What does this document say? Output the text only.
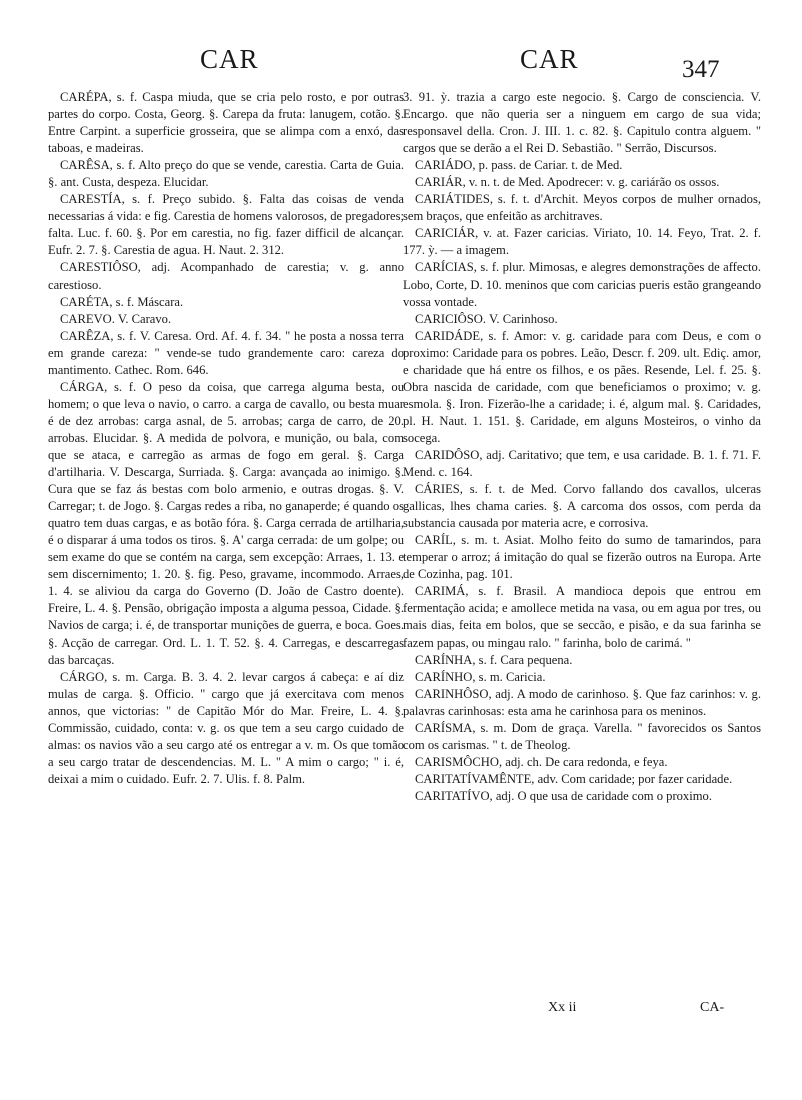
CAR	CAR	347

CARÉPA, s. f. Caspa miuda, que se cria pelo rosto, e por outras partes do corpo. Costa, Georg. §. Carepa da fruta: lanugem, cotão. §. Entre Carpint. a superficie grosseira, que se alimpa com a enxó, das taboas, e madeiras.

CARÊSA, s. f. Alto preço do que se vende, carestia. Carta de Guia. §. ant. Custa, despeza. Elucidar.

CARESTÍA, s. f. Preço subido. §. Falta das coisas de venda necessarias á vida: e fig. Carestia de homens valorosos, de pregadores; falta. Luc. f. 60. §. Por em carestia, no fig. fazer difficil de alcançar. Eufr. 2. 7. §. Carestia de agua. H. Naut. 2. 312.

CARESTIÔSO, adj. Acompanhado de carestia; v. g. anno carestioso.

CARÉTA, s. f. Máscara.

CAREVO. V. Caravo.

CARÊZA, s. f. V. Caresa. Ord. Af. 4. f. 34. " he posta a nossa terra em grande careza: " vende-se tudo grandemente caro: careza do mantimento. Cathec. Rom. 646.

CÁRGA, s. f. O peso da coisa, que carrega alguma besta, ou homem; o que leva o navio, o carro. a carga de cavallo, ou besta muar é de dez arrobas: carga asnal, de 5. arrobas; carga de carro, de 20. arrobas. Elucidar. §. A medida de polvora, e munição, ou bala, com que se ataca, e carregão as armas de fogo em geral. §. Carga d'artilharia. V. Descarga, Surriada. §. Carga: avançada ao inimigo. §. Cura que se faz ás bestas com bolo armenio, e outras drogas. §. V. Carregar; t. de Jogo. §. Cargas redes a riba, no ganaperde; é quando os quatro tem duas cargas, e as botão fóra. §. Carga cerrada de artilharia, é o disparar á uma todos os tiros. §. A' carga cerrada: de um golpe; ou sem exame do que se contém na carga, sem excepção: Arraes, 1. 13. e sem discernimento; 1. 20. §. fig. Peso, gravame, incommodo. Arraes, 1. 4. se aliviou da carga do Governo (D. João de Castro doente). Freire, L. 4. §. Pensão, obrigação imposta a alguma pessoa, Cidade. §. Navios de carga; i. é, de transportar munições de guerra, e boca. Goes. §. Acção de carregar. Ord. L. 1. T. 52. §. 4. Carregas, e descarregas das barcaças.

CÁRGO, s. m. Carga. B. 3. 4. 2. levar cargos á cabeça: e aí diz mulas de carga. §. Officio. " cargo que já exercitava com menos annos, que victorias: " de Capitão Mór do Mar. Freire, L. 4. §. Commissão, cuidado, conta: v. g. os que tem a seu cargo cuidado de almas: os navios vão a seu cargo até os entregar a v. m. Os que tomão a seu cargo tratar de descendencias. M. L. " A mim o cargo; " i. é, deixai a mim o cuidado. Eufr. 2. 7. Ulis. f. 8. Palm.

3. 91. ỳ. trazia a cargo este negocio. §. Cargo de consciencia. V. Encargo. que não queria ser a ninguem em cargo de sua vida; responsavel della. Cron. J. III. 1. c. 82. §. Capitulo contra alguem. " cargos que se derão a el Rei D. Sebastião. " Serrão, Discursos.

CARIÁDO, p. pass. de Cariar. t. de Med.

CARIÁR, v. n. t. de Med. Apodrecer: v. g. cariárão os ossos.

CARIÁTIDES, s. f. t. d'Archit. Meyos corpos de mulher ornados, sem braços, que enfeitão as architraves.

CARICIÁR, v. at. Fazer caricias. Viriato, 10. 14. Feyo, Trat. 2. f. 177. ỳ. — a imagem.

CARÍCIAS, s. f. plur. Mimosas, e alegres demonstrações de affecto. Lobo, Corte, D. 10. meninos que com caricias pueris estão grangeando vossa vontade.

CARICIÔSO. V. Carinhoso.

CARIDÁDE, s. f. Amor: v. g. caridade para com Deus, e com o proximo: Caridade para os pobres. Leão, Descr. f. 209. ult. Ediç. amor, e charidade que há entre os filhos, e os pães. Resende, Lel. f. 25. §. Obra nascida de caridade, com que beneficiamos o proximo; v. g. esmola. §. Iron. Fizerão-lhe a caridade; i. é, algum mal. §. Caridades, pl. H. Naut. 1. 151. §. Caridade, em alguns Mosteiros, o vinho da socega.

CARIDÔSO, adj. Caritativo; que tem, e usa caridade. B. 1. f. 71. F. Mend. c. 164.

CÁRIES, s. f. t. de Med. Corvo fallando dos cavallos, ulceras gallicas, lhes chama caries. §. A carcoma dos ossos, com perda da substancia causada por materia acre, e corrosiva.

CARÍL, s. m. t. Asiat. Molho feito do sumo de tamarindos, para temperar o arroz; á imitação do qual se fizerão outros na Europa. Arte de Cozinha, pag. 101.

CARIMÁ, s. f. Brasil. A mandioca depois que entrou em fermentação acida; e amollece metida na vasa, ou em agua por tres, ou mais dias, feita em bolos, que se seccão, e pisão, e da sua farinha se fazem papas, ou mingau ralo. " farinha, bolo de carimá. "

CARÍNHA, s. f. Cara pequena.

CARÍNHO, s. m. Caricia.

CARINHÔSO, adj. A modo de carinhoso. §. Que faz carinhos: v. g. palavras carinhosas: esta ama he carinhosa para os meninos.

CARÍSMA, s. m. Dom de graça. Varella. " favorecidos os Santos com os carismas. " t. de Theolog.

CARISMÔCHO, adj. ch. De cara redonda, e feya.

CARITATÍVAMÊNTE, adv. Com caridade; por fazer caridade.

CARITATÍVO, adj. O que usa de caridade com o proximo.

Xx ii	CA-
